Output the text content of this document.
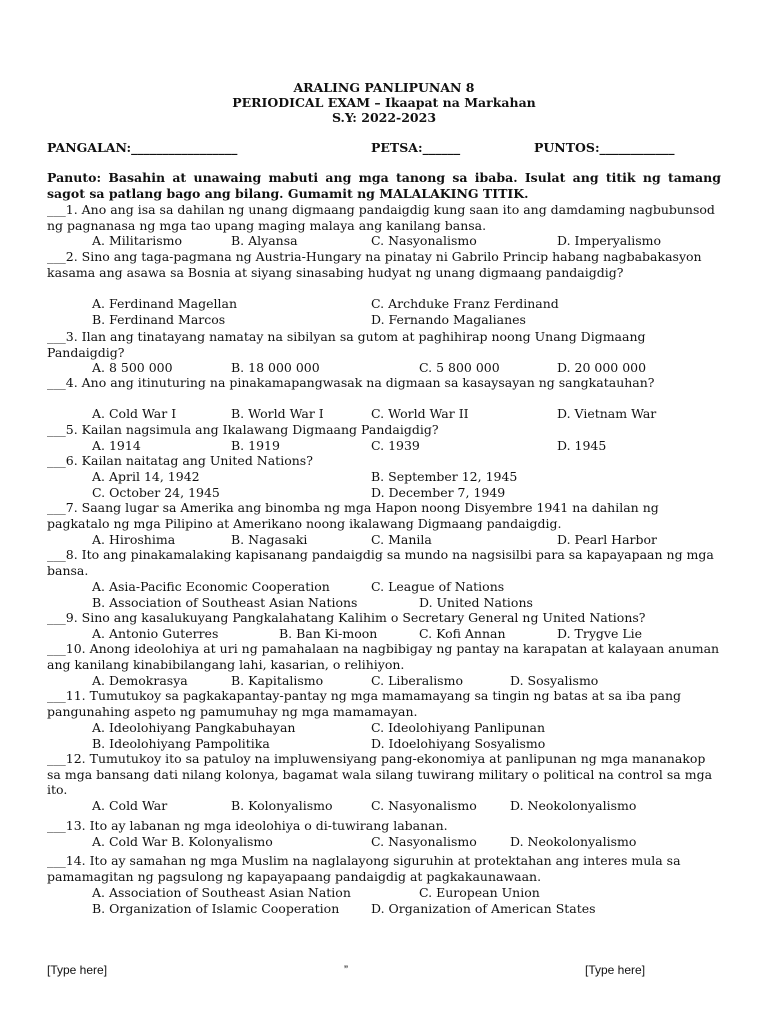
ARALING PANLIPUNAN 8
PERIODICAL EXAM – Ikaapat na Markahan
S.Y: 2022-2023
PANGALAN:_________________	PETSA:______	PUNTOS:____________
Panuto: Basahin at unawaing mabuti ang mga tanong sa ibaba. Isulat ang titik ng tamang sagot sa patlang bago ang bilang. Gumamit ng MALALAKING TITIK.
___1. Ano ang isa sa dahilan ng unang digmaang pandaigdig kung saan ito ang damdaming nagbubunsod ng pagnanasa ng mga tao upang maging malaya ang kanilang bansa.
A. Militarismo	B. Alyansa	C. Nasyonalismo	D. Imperyalismo
___2. Sino ang taga-pagmana ng Austria-Hungary na pinatay ni Gabrilo Princip habang nagbabakasyon kasama ang asawa sa Bosnia at siyang sinasabing hudyat ng unang digmaang pandaigdig?
A. Ferdinand Magellan	C. Archduke Franz Ferdinand
B. Ferdinand Marcos	D. Fernando Magalianes
___3. Ilan ang tinatayang namatay na sibilyan sa gutom at paghihirap noong Unang Digmaang Pandaigdig?
A. 8 500 000	B. 18 000 000	C. 5 800 000	D. 20 000 000
___4. Ano ang itinuturing na pinakamapangwasak na digmaan sa kasaysayan ng sangkatauhan?
A. Cold War I	B. World War I	C. World War II	D. Vietnam War
___5. Kailan nagsimula ang Ikalawang Digmaang Pandaigdig?
A. 1914	B. 1919	C. 1939	D. 1945
___6. Kailan naitatag ang United Nations?
A. April 14, 1942	B. September 12, 1945
C. October 24, 1945	D. December 7, 1949
___7. Saang lugar sa Amerika ang binomba ng mga Hapon noong Disyembre 1941 na dahilan ng pagkatalo ng mga Pilipino at Amerikano noong ikalawang Digmaang pandaigdig.
A. Hiroshima	B. Nagasaki	C. Manila	D. Pearl Harbor
___8. Ito ang pinakamalaking kapisanang pandaigdig sa mundo na nagsisilbi para sa kapayapaan ng mga bansa.
A. Asia-Pacific Economic Cooperation	C. League of Nations
B. Association of Southeast Asian Nations	D. United Nations
___9. Sino ang kasalukuyang Pangkalahatang Kalihim o Secretary General ng United Nations?
A. Antonio Guterres	B. Ban Ki-moon	C. Kofi Annan	D. Trygve Lie
___10. Anong ideolohiya at uri ng pamahalaan na nagbibigay ng pantay na karapatan at kalayaan anuman ang kanilang kinabibilangang lahi, kasarian, o relihiyon.
A. Demokrasya	B. Kapitalismo	C. Liberalismo	D. Sosyalismo
___11. Tumutukoy sa pagkakapantay-pantay ng mga mamamayang sa tingin ng batas at sa iba pang pangunahing aspeto ng pamumuhay ng mga mamamayan.
A. Ideolohiyang Pangkabuhayan	C. Ideolohiyang Panlipunan
B. Ideolohiyang Pampolitika	D. Idoelohiyang Sosyalismo
___12. Tumutukoy ito sa patuloy na impluwensiyang pang-ekonomiya at panlipunan ng mga mananakop sa mga bansang dati nilang kolonya, bagamat wala silang tuwirang military o political na control sa mga ito.
A. Cold War	B. Kolonyalismo	C. Nasyonalismo	D. Neokolonyalismo
___13. Ito ay labanan ng mga ideolohiya o di-tuwirang labanan.
A. Cold War B. Kolonyalismo	C. Nasyonalismo	D. Neokolonyalismo
___14. Ito ay samahan ng mga Muslim na naglalayong siguruhin at protektahan ang interes mula sa pamamagitan ng pagsulong ng kapayapaang pandaigdig at pagkakaunawaan.
A. Association of Southeast Asian Nation	C. European Union
B. Organization of Islamic Cooperation	D. Organization of American States
[Type here]	”	[Type here]
